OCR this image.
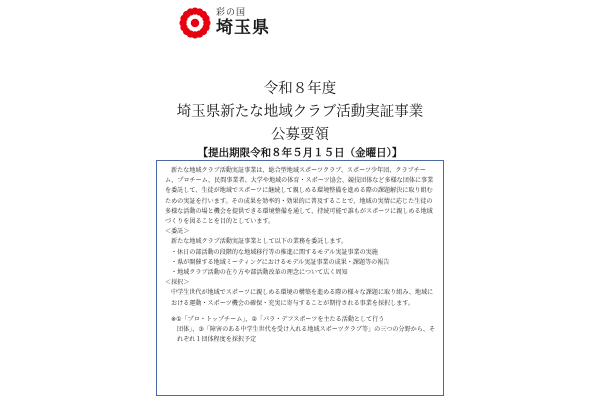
彩の国
埼玉県
令和８年度
埼玉県新たな地域クラブ活動実証事業
公募要領
【提出期限令和８年５月１５日（金曜日）】

新たな地域クラブ活動実証事業は、総合型地域スポーツクラブ、スポーツ少年団、クラブチーム、プロチーム、民間事業者、大学や地域の体育・スポーツ協会、競技団体など多様な団体に事業を委託して、生徒が地域でスポーツに継続して親しめる環境整備を進める際の課題解決に取り組むための実証を行います。その成果を効率的・効果的に普及することで、地域の実情に応じた生徒の多様な活動の場と機会を提供できる環境整備を通して、持続可能で誰もがスポーツに親しめる地域づくりを図ることを目的としています。

＜委託＞

新たな地域クラブ活動実証事業として以下の業務を委託します。

・休日の部活動の段階的な地域移行等の推進に関するモデル実証事業の実施

・県が開催する地域ミーティングにおけるモデル実証事業の成果・課題等の報告

・地域クラブ活動の在り方や部活動改革の理念について広く周知

＜採択＞

中学生世代が地域でスポーツに親しめる環境の構築を進める際の様々な課題に取り組み、地域における運動・スポーツ機会の確保・充実に寄与することが期待される事業を採択します。

※①「プロ・トップチーム」、②「パラ・デフスポーツを主たる活動として行う

団体」、③「障害のある中学生世代を受け入れる地域スポーツクラブ等」の三つの分野から、それぞれ１団体程度を採択予定
